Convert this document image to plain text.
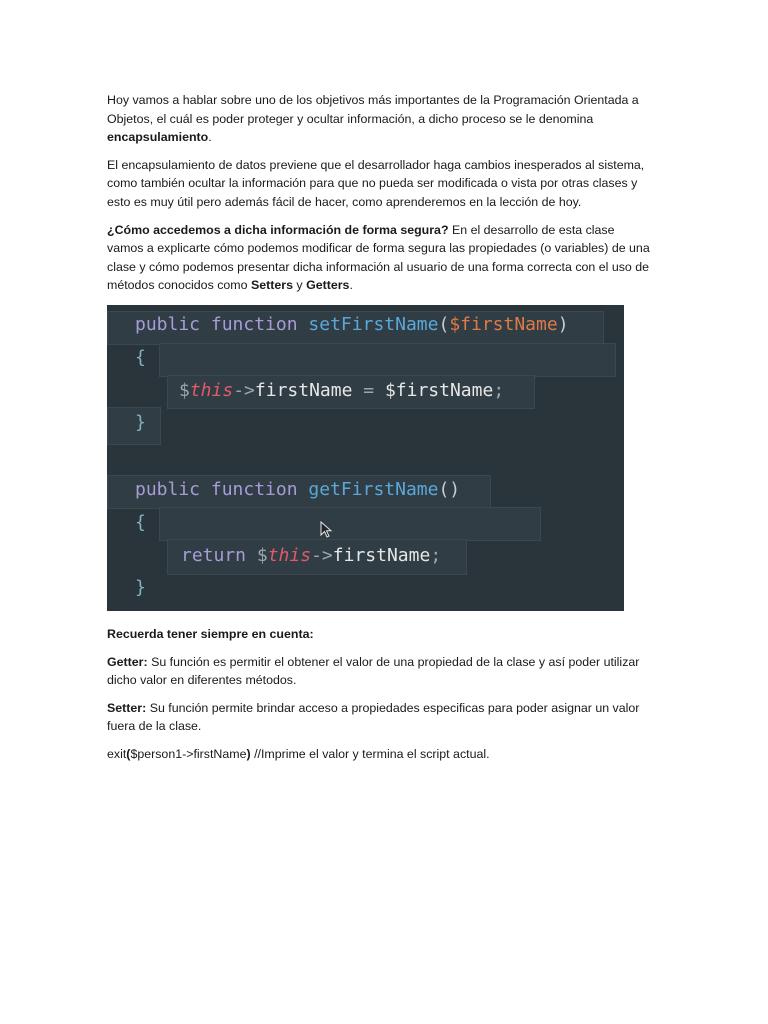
Hoy vamos a hablar sobre uno de los objetivos más importantes de la Programación Orientada a Objetos, el cuál es poder proteger y ocultar información, a dicho proceso se le denomina encapsulamiento.

El encapsulamiento de datos previene que el desarrollador haga cambios inesperados al sistema, como también ocultar la información para que no pueda ser modificada o vista por otras clases y esto es muy útil pero además fácil de hacer, como aprenderemos en la lección de hoy.

¿Cómo accedemos a dicha información de forma segura? En el desarrollo de esta clase vamos a explicarte cómo podemos modificar de forma segura las propiedades (o variables) de una clase y cómo podemos presentar dicha información al usuario de una forma correcta con el uso de métodos conocidos como Setters y Getters.

public function setFirstName($firstName)
{
$this->firstName = $firstName;
}
public function getFirstName()
{
return $this->firstName;
}

Recuerda tener siempre en cuenta:

Getter: Su función es permitir el obtener el valor de una propiedad de la clase y así poder utilizar dicho valor en diferentes métodos.

Setter: Su función permite brindar acceso a propiedades especificas para poder asignar un valor fuera de la clase.

exit($person1->firstName) //Imprime el valor y termina el script actual.
